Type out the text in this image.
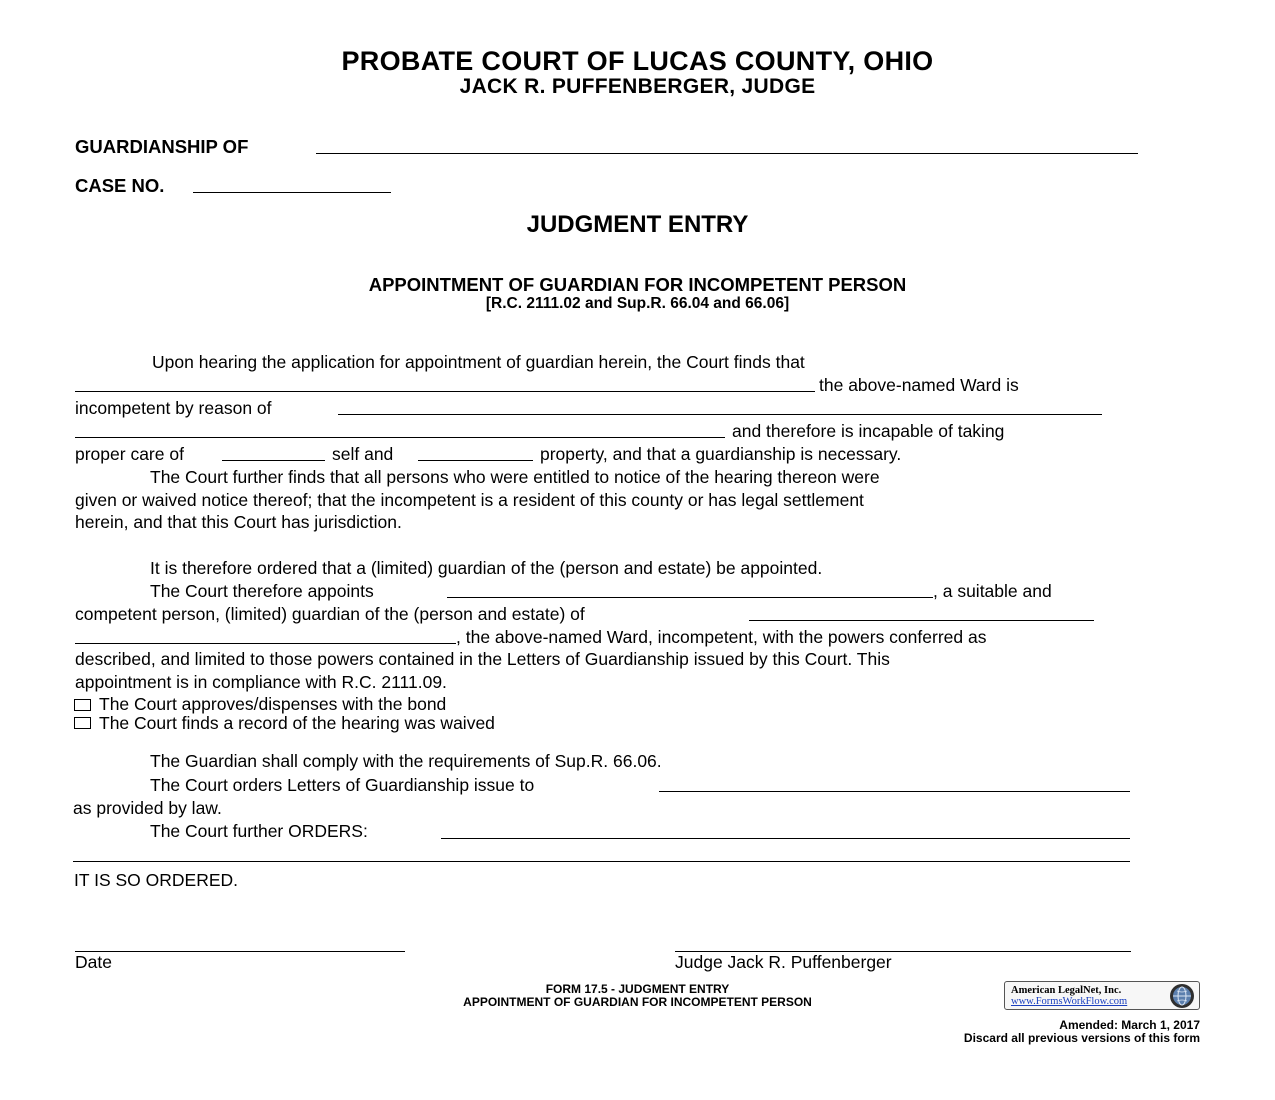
PROBATE COURT OF LUCAS COUNTY, OHIO
JACK R. PUFFENBERGER, JUDGE
GUARDIANSHIP OF
CASE NO.
JUDGMENT ENTRY
APPOINTMENT OF GUARDIAN FOR INCOMPETENT PERSON
[R.C. 2111.02 and Sup.R. 66.04 and 66.06]
Upon hearing the application for appointment of guardian herein, the Court finds that
the above-named Ward is
incompetent by reason of
and therefore is incapable of taking
proper care of	self and	property, and that a guardianship is necessary.
The Court further finds that all persons who were entitled to notice of the hearing thereon were
given or waived notice thereof; that the incompetent is a resident of this county or has legal settlement
herein, and that this Court has jurisdiction.
It is therefore ordered that a (limited) guardian of the (person and estate) be appointed.
The Court therefore appoints	, a suitable and
competent person, (limited) guardian of the (person and estate) of
, the above-named Ward, incompetent, with the powers conferred as
described, and limited to those powers contained in the Letters of Guardianship issued by this Court. This
appointment is in compliance with R.C. 2111.09.
The Court approves/dispenses with the bond
The Court finds a record of the hearing was waived
The Guardian shall comply with the requirements of Sup.R. 66.06.
The Court orders Letters of Guardianship issue to
as provided by law.
The Court further ORDERS:
IT IS SO ORDERED.
Date	Judge Jack R. Puffenberger
FORM 17.5 - JUDGMENT ENTRY
APPOINTMENT OF GUARDIAN FOR INCOMPETENT PERSON
American LegalNet, Inc.
www.FormsWorkFlow.com
Amended: March 1, 2017
Discard all previous versions of this form
